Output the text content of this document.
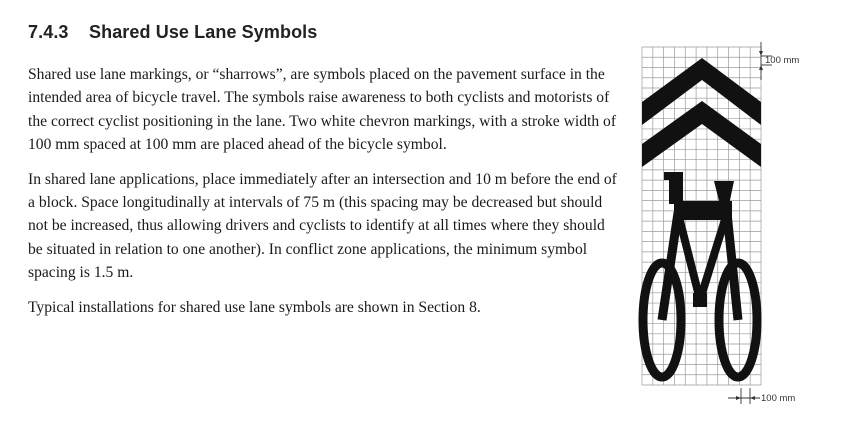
7.4.3 Shared Use Lane Symbols

Shared use lane markings, or “sharrows”, are symbols placed on the pavement surface in the intended area of bicycle travel. The symbols raise awareness to both cyclists and motorists of the correct cyclist positioning in the lane. Two white chevron markings, with a stroke width of 100 mm spaced at 100 mm are placed ahead of the bicycle symbol.

In shared lane applications, place immediately after an intersection and 10 m before the end of a block. Space longitudinally at intervals of 75 m (this spacing may be decreased but should not be increased, thus allowing drivers and cyclists to identify at all times where they should be situated in relation to one another). In conflict zone applications, the minimum symbol spacing is 1.5 m.

Typical installations for shared use lane symbols are shown in Section 8.

100 mm
100 mm
